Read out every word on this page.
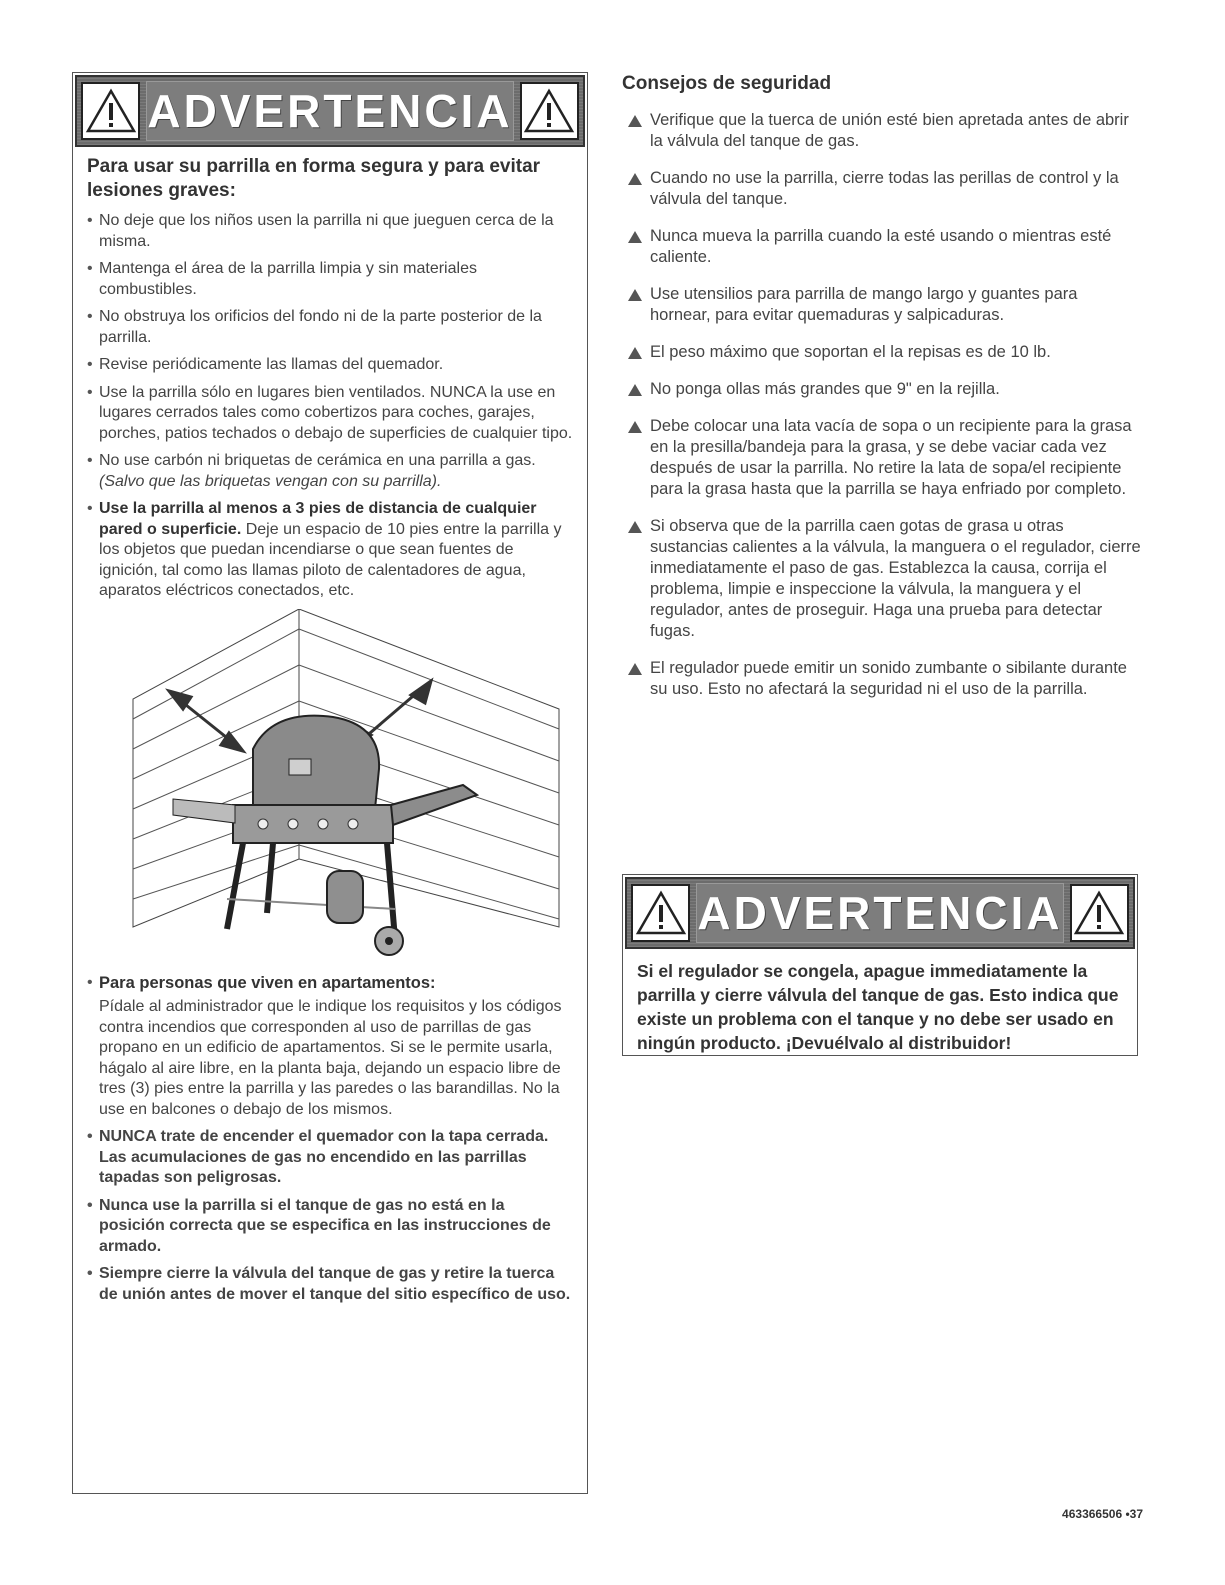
ADVERTENCIA
Para usar su parrilla en forma segura y para evitar lesiones graves:
• No deje que los niños usen la parrilla ni que jueguen cerca de la misma.
• Mantenga el área de la parrilla limpia y sin materiales combustibles.
• No obstruya los orificios del fondo ni de la parte posterior de la parrilla.
• Revise periódicamente las llamas del quemador.
• Use la parrilla sólo en lugares bien ventilados. NUNCA la use en lugares cerrados tales como cobertizos para coches, garajes, porches, patios techados o debajo de superficies de cualquier tipo.
• No use carbón ni briquetas de cerámica en una parrilla a gas. (Salvo que las briquetas vengan con su parrilla).
• Use la parrilla al menos a 3 pies de distancia de cualquier pared o superficie. Deje un espacio de 10 pies entre la parrilla y los objetos que puedan incendiarse o que sean fuentes de ignición, tal como las llamas piloto de calentadores de agua, aparatos eléctricos conectados, etc.
• Para personas que viven en apartamentos:
Pídale al administrador que le indique los requisitos y los códigos contra incendios que corresponden al uso de parrillas de gas propano en un edificio de apartamentos. Si se le permite usarla, hágalo al aire libre, en la planta baja, dejando un espacio libre de tres (3) pies entre la parrilla y las paredes o las barandillas. No la use en balcones o debajo de los mismos.
• NUNCA trate de encender el quemador con la tapa cerrada. Las acumulaciones de gas no encendido en las parrillas tapadas son peligrosas.
• Nunca use la parrilla si el tanque de gas no está en la posición correcta que se especifica en las instrucciones de armado.
• Siempre cierre la válvula del tanque de gas y retire la tuerca de unión antes de mover el tanque del sitio específico de uso.
Consejos de seguridad
Verifique que la tuerca de unión esté bien apretada antes de abrir la válvula del tanque de gas.
Cuando no use la parrilla, cierre todas las perillas de control y la válvula del tanque.
Nunca mueva la parrilla cuando la esté usando o mientras esté caliente.
Use utensilios para parrilla de mango largo y guantes para hornear, para evitar quemaduras y salpicaduras.
El peso máximo que soportan el la repisas es de 10 lb.
No ponga ollas más grandes que 9" en la rejilla.
Debe colocar una lata vacía de sopa o un recipiente para la grasa en la presilla/bandeja para la grasa, y se debe vaciar cada vez después de usar la parrilla. No retire la lata de sopa/el recipiente para la grasa hasta que la parrilla se haya enfriado por completo.
Si observa que de la parrilla caen gotas de grasa u otras sustancias calientes a la válvula, la manguera o el regulador, cierre inmediatamente el paso de gas. Establezca la causa, corrija el problema, limpie e inspeccione la válvula, la manguera y el regulador, antes de proseguir. Haga una prueba para detectar fugas.
El regulador puede emitir un sonido zumbante o sibilante durante su uso. Esto no afectará la seguridad ni el uso de la parrilla.
ADVERTENCIA
Si el regulador se congela, apague immediatamente la parrilla y cierre válvula del tanque de gas. Esto indica que existe un problema con el tanque y no debe ser usado en ningún producto. ¡Devuélvalo al distribuidor!
463366506 •37
